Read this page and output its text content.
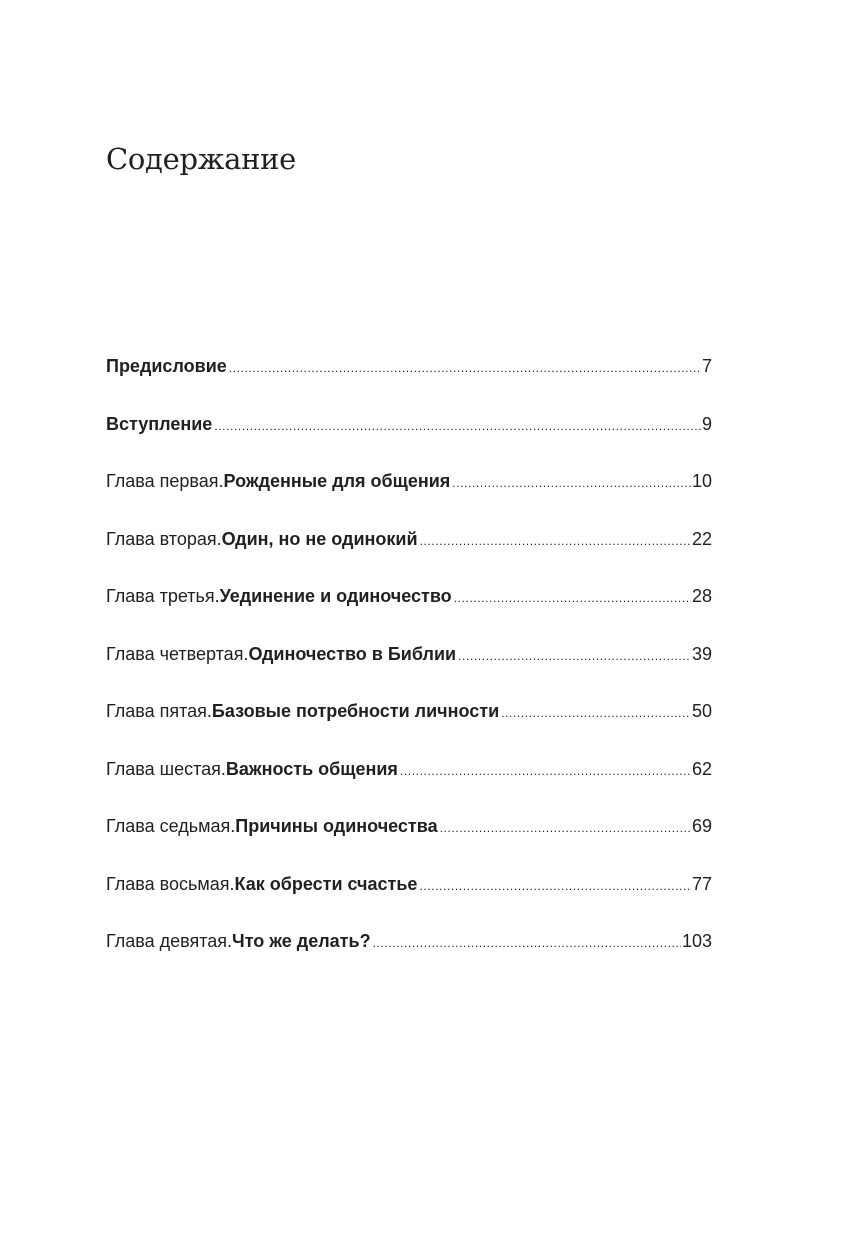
Содержание
Предисловие .....	7
Вступление .....	9
Глава первая. Рожденные для общения .....	10
Глава вторая. Один, но не одинокий .....	22
Глава третья. Уединение и одиночество .....	28
Глава четвертая. Одиночество в Библии .....	39
Глава пятая. Базовые потребности личности .....	50
Глава шестая. Важность общения .....	62
Глава седьмая. Причины одиночества .....	69
Глава восьмая. Как обрести счастье .....	77
Глава девятая. Что же делать? .....	103
